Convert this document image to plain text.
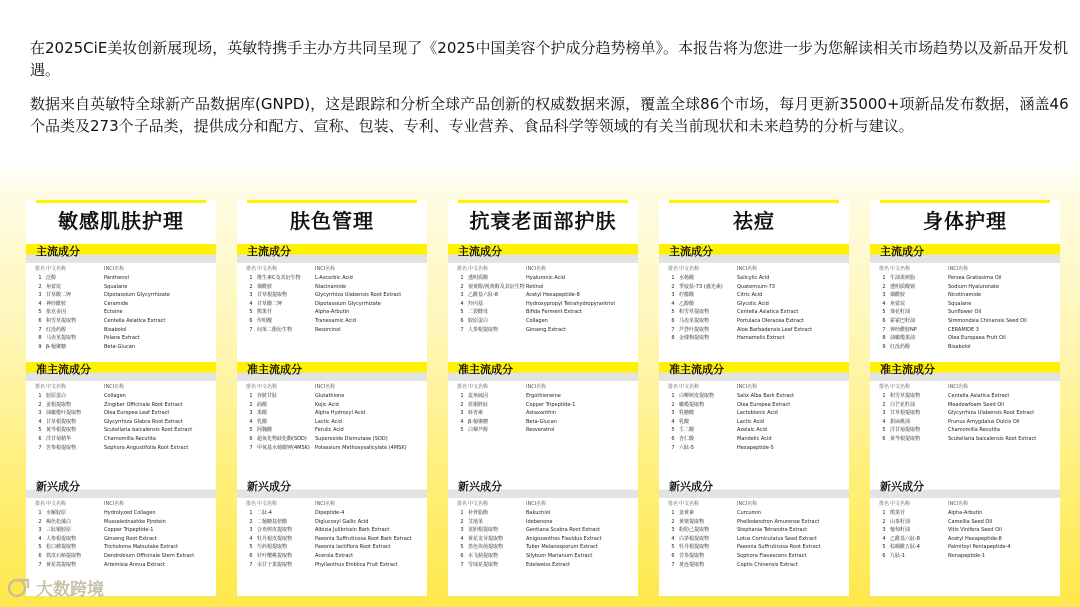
在2025CiE美妆创新展现场，英敏特携手主办方共同呈现了《2025中国美容个护成分趋势榜单》。本报告将为您进一步为您解读相关市场趋势以及新品开发机遇。

数据来自英敏特全球新产品数据库(GNPD)，这是跟踪和分析全球产品创新的权威数据来源，覆盖全球86个市场，每月更新35000+项新品发布数据，涵盖46个品类及273个子品类，提供成分和配方、宣称、包装、专利、专业营养、食品科学等领域的有关当前现状和未来趋势的分析与建议。

敏感肌肤护理
主流成分
排名 中文名称	INCI名称
1 泛醇	Panthenol
2 角鲨烷	Squalane
3 甘草酸二钾	Dipotassium Glycyrrhizate
4 神经酰胺	Ceramide
5 依克多因	Ectoine
6 积雪草提取物	Centella Asiatica Extract
7 红没药醇	Bisabolol
8 马齿苋提取物	Pslane Extract
9 β-葡聚糖	Beta-Glucan
准主流成分
排名 中文名称	INCI名称
1 胶原蛋白	Collagen
2 姜根提取物	Zingiber Officinale Root Extract
3 油橄榄叶提取物	Olea Europea Leaf Extract
4 甘草根提取物	Glycyrrhiza Glabra Root Extract
5 黄芩根提取物	Scutellaria baicalensis Root Extract
6 洋甘菊精华	Chamomilla Recutita
7 苦参根提取物	Sophora Angustifolia Root Extract
新兴成分
排名 中文名称	INCI名称
1 水解胶原	Hydrolyzed Collagen
2 褐色松藻白	Musselednashke Pjrotein
3 三肽铜胶原	Copper Tripeptide-1
4 人参根提取物	Ginseng Root Extract
5 松口蘑提取物	Tricholoma Matsutake Extract
6 铁皮石斛提取物	Dendrobium Officinale Stem Extract
7 黄花蒿提取物	Artemisia Annua Extract
肤色管理
主流成分
排名 中文名称	INCI名称
1 维生素C及其衍生物	L-Ascorbic Acid
2 烟酰胺	Niacinamide
3 甘草根提取物	Glycyrrhiza Ulabensis Root Extract
4 甘草酸二钾	Dipotassium Glycyrrhizate
5 熊果苷	Alpha-Arbutin
6 传明酸	Tranexamic Acid
7 间苯二酚衍生物	Resorcinol
准主流成分
排名 中文名称	INCI名称
1 谷胱甘肽	Glutathione
2 曲酸	Kojic Acid
3 果酸	Alpha Hydroxyl Acid
4 乳酸	Lactic Acid
5 阿魏酸	Ferulic Acid
6 超氧化物歧化酶(SOD)	Superoxide Dismutase (SOD)
7 甲氧基水杨酸钾(4MSK)	Potassium Methoxysalicylate (4MSK)
新兴成分
排名 中文名称	INCI名称
1 二肽-4	Dipeptide-4
2 二葡糖基棓酸	Diglucosyl Gallic Acid
3 合欢树皮提取物	Albizia Julibrissin Bark Extract
4 牡丹根皮提取物	Paeonia Suffruticosa Root Bark Extract
5 芍药根提取物	Paeonia lactiflora Root Extract
6 针叶樱桃提取物	Acerola Extract
7 余甘子果提取物	Phyllanthus Emblica Fruit Extract
抗衰老面部护肤
主流成分
排名 中文名称	INCI名称
1 透明质酸	Hyaluronic Acid
2 视黄醇/视黄醇及其衍生物 Retinol
3 乙酰基六肽-8	Acetyl Hexapeptide-8
4 羟丙基	Hydroxypropyl Tetrahydropyrantriol
5 二裂酵母	Bifida Ferment Extract
6 胶原蛋白	Collagen
7 人参根提取物	Ginseng Extract
准主流成分
排名 中文名称	INCI名称
1 麦角硫因	Ergothioneine
2 蓝铜胜肽	Copper Tripeptide-1
3 虾青素	Astaxanthin
4 β-葡聚糖	Beta-Glucan
5 白藜芦醇	Resveratrol
新兴成分
排名 中文名称	INCI名称
1 补骨脂酚	Bakuchiol
2 艾地苯	Idebenone
3 龙胆根提取物	Gentiana Scabra Root Extract
4 黄花龙芽提取物	Anigozanthos Flavidus Extract
5 黑色块菌提取物	Tuber Melanosporum Extract
6 水飞蓟提取物	Silybum Marianum Extract
7 雪绒花提取物	Edelweiss Extract
祛痘
主流成分
排名 中文名称	INCI名称
1 水杨酸	Salicylic Acid
2 季铵盐-73 (感光素)	Quaternium-73
3 柠檬酸	Citric Acid
4 乙醇酸	Glycolic Acid
5 积雪草提取物	Centella Asiatica Extract
6 马齿苋提取物	Portulaca Oleracea Extract
7 芦荟叶提取物	Aloe Barbadensis Leaf Extract
8 金缕梅提取物	Hamamelis Extract
准主流成分
排名 中文名称	INCI名称
1 白柳树皮提取物	Salix Alba Bark Extract
2 橄榄提取物	Olea Europea Extract
3 乳糖酸	Lactobionic Acid
4 乳酸	Lactic Acid
5 壬二酸	Azelaic Acid
6 杏仁酸	Mandelic Acid
7 六肽-5	Hexapeptide-5
新兴成分
排名 中文名称	INCI名称
1 姜黄素	Curcumin
2 黄檗提取物	Phellodendron Amurense Extract
3 粉防己提取物	Stephania Tetrandra Extract
4 白茅根提取物	Lotus Corniculatus Seed Extract
5 牡丹根提取物	Paeonia Suffruticosa Root Extract
6 苦参提取物	Sophora Flavescens Extract
7 黄连提取物	Coptis Chinensis Extract
身体护理
主流成分
排名 中文名称	INCI名称
1 牛油果树脂	Persea Gratissima Oil
2 透明质酸钠	Sodium Hyaluronate
3 烟酰胺	Nicotinamide
4 角鲨烷	Squalane
5 葵花籽油	Sunflower Oil
6 霍霍巴籽油	Simmondsia Chinensis Seed Oil
7 神经酰胺NP	CERAMIDE 3
8 油橄榄果油	Olea Europaea Fruit Oil
9 红没药醇	Bisabolol
准主流成分
排名 中文名称	INCI名称
1 积雪草提取物	Centella Asiatica Extract
2 白芒花籽油	Meadowfoam Seed Oil
3 甘草根提取物	Glycyrrhiza Ulabensis Root Extract
4 甜扁桃油	Prunus Amygdalus Dulcis Oil
5 洋甘菊提取物	Chamomilla Recutita
6 黄芩根提取物	Scutellaria baicalensis Root Extract
新兴成分
排名 中文名称	INCI名称
1 熊果苷	Alpha-Arbutin
2 山茶籽油	Camellia Seed Oil
3 葡萄籽油	Vitis Vinifera Seed Oil
4 乙酰基六肽-8	Acetyl Hexapeptide-8
5 棕榈酰五肽-4	Palmitoyl Pentapeptide-4
6 九肽-1	Nonapeptide-1
大数跨境
